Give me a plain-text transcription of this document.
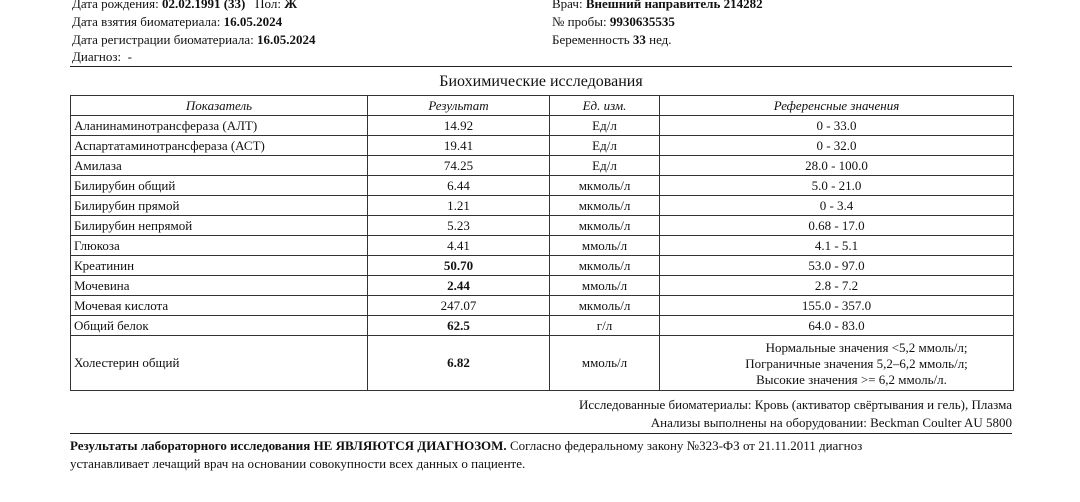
Дата рождения: 02.02.1991 (33) Пол: Ж
Дата взятия биоматериала: 16.05.2024
Дата регистрации биоматериала: 16.05.2024
Диагноз: -
Врач: Внешний направитель 214282
№ пробы: 9930635535
Беременность 33 нед.
Биохимические исследования
Показатель	Результат	Ед. изм.	Референсные значения
Аланинаминотрансфераза (АЛТ)	14.92	Ед/л	0 - 33.0
Аспартатаминотрансфераза (АСТ)	19.41	Ед/л	0 - 32.0
Амилаза	74.25	Ед/л	28.0 - 100.0
Билирубин общий	6.44	мкмоль/л	5.0 - 21.0
Билирубин прямой	1.21	мкмоль/л	0 - 3.4
Билирубин непрямой	5.23	мкмоль/л	0.68 - 17.0
Глюкоза	4.41	ммоль/л	4.1 - 5.1
Креатинин	50.70	мкмоль/л	53.0 - 97.0
Мочевина	2.44	ммоль/л	2.8 - 7.2
Мочевая кислота	247.07	мкмоль/л	155.0 - 357.0
Общий белок	62.5	г/л	64.0 - 83.0
Холестерин общий	6.82	ммоль/л	Нормальные значения <5,2 ммоль/л;
Пограничные значения 5,2–6,2 ммоль/л;
Высокие значения >= 6,2 ммоль/л.
Исследованные биоматериалы: Кровь (активатор свёртывания и гель), Плазма
Анализы выполнены на оборудовании: Beckman Coulter AU 5800
Результаты лабораторного исследования НЕ ЯВЛЯЮТСЯ ДИАГНОЗОМ. Согласно федеральному закону №323-ФЗ от 21.11.2011 диагноз
устанавливает лечащий врач на основании совокупности всех данных о пациенте.
